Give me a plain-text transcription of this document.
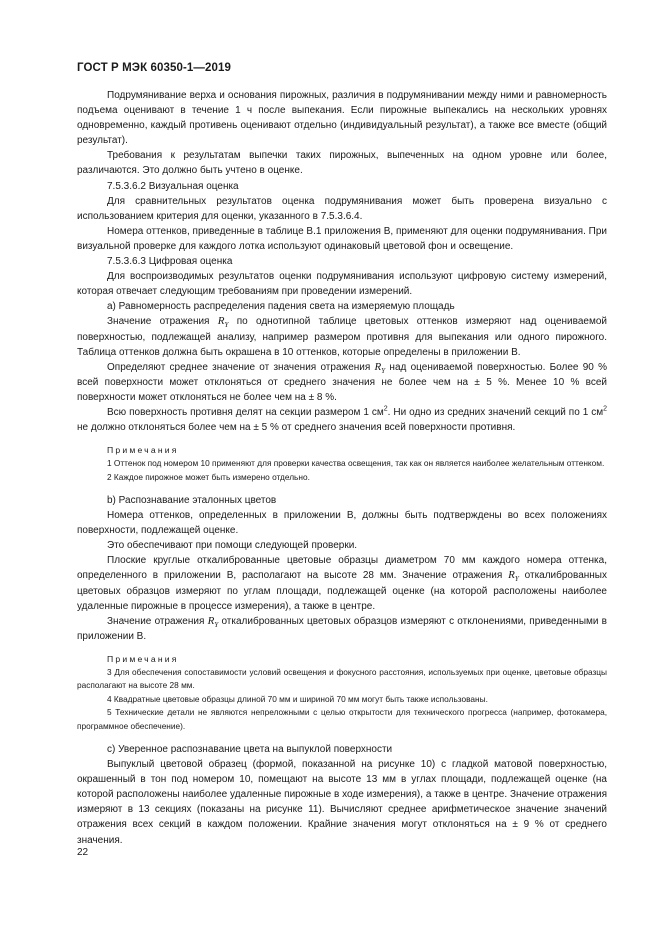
ГОСТ Р МЭК 60350-1—2019

Подрумянивание верха и основания пирожных, различия в подрумянивании между ними и равномерность подъема оценивают в течение 1 ч после выпекания. Если пирожные выпекались на нескольких уровнях одновременно, каждый противень оценивают отдельно (индивидуальный результат), а также все вместе (общий результат).

Требования к результатам выпечки таких пирожных, выпеченных на одном уровне или более, различаются. Это должно быть учтено в оценке.

7.5.3.6.2 Визуальная оценка

Для сравнительных результатов оценка подрумянивания может быть проверена визуально с использованием критерия для оценки, указанного в 7.5.3.6.4.

Номера оттенков, приведенные в таблице В.1 приложения В, применяют для оценки подрумянивания. При визуальной проверке для каждого лотка используют одинаковый цветовой фон и освещение.

7.5.3.6.3 Цифровая оценка

Для воспроизводимых результатов оценки подрумянивания используют цифровую систему измерений, которая отвечает следующим требованиям при проведении измерений.

а) Равномерность распределения падения света на измеряемую площадь

Значение отражения $R_Y$ по однотипной таблице цветовых оттенков измеряют над оцениваемой поверхностью, подлежащей анализу, например размером противня для выпекания или одного пирожного. Таблица оттенков должна быть окрашена в 10 оттенков, которые определены в приложении В.

Определяют среднее значение от значения отражения $R_Y$ над оцениваемой поверхностью. Более 90 % всей поверхности может отклоняться от среднего значения не более чем на ± 5 %. Менее 10 % всей поверхности может отклоняться не более чем на ± 8 %.

Всю поверхность противня делят на секции размером 1 $см^2$. Ни одно из средних значений секций по 1 $см^2$ не должно отклоняться более чем на ± 5 % от среднего значения всей поверхности противня.

Примечания

1 Оттенок под номером 10 применяют для проверки качества освещения, так как он является наиболее желательным оттенком.

2 Каждое пирожное может быть измерено отдельно.

b) Распознавание эталонных цветов

Номера оттенков, определенных в приложении В, должны быть подтверждены во всех положениях поверхности, подлежащей оценке.

Это обеспечивают при помощи следующей проверки.

Плоские круглые откалиброванные цветовые образцы диаметром 70 мм каждого номера оттенка, определенного в приложении В, располагают на высоте 28 мм. Значение отражения $R_Y$ откалиброванных цветовых образцов измеряют по углам площади, подлежащей оценке (на которой расположены наиболее удаленные пирожные в процессе измерения), а также в центре.

Значение отражения $R_Y$ откалиброванных цветовых образцов измеряют с отклонениями, приведенными в приложении В.

Примечания

3 Для обеспечения сопоставимости условий освещения и фокусного расстояния, используемых при оценке, цветовые образцы располагают на высоте 28 мм.

4 Квадратные цветовые образцы длиной 70 мм и шириной 70 мм могут быть также использованы.

5 Технические детали не являются непреложными с целью открытости для технического прогресса (например, фотокамера, программное обеспечение).

с) Уверенное распознавание цвета на выпуклой поверхности

Выпуклый цветовой образец (формой, показанной на рисунке 10) с гладкой матовой поверхностью, окрашенный в тон под номером 10, помещают на высоте 13 мм в углах площади, подлежащей оценке (на которой расположены наиболее удаленные пирожные в ходе измерения), а также в центре. Значение отражения измеряют в 13 секциях (показаны на рисунке 11). Вычисляют среднее арифметическое значение значений отражения всех секций в каждом положении. Крайние значения могут отклоняться на ± 9 % от среднего значения.

22
